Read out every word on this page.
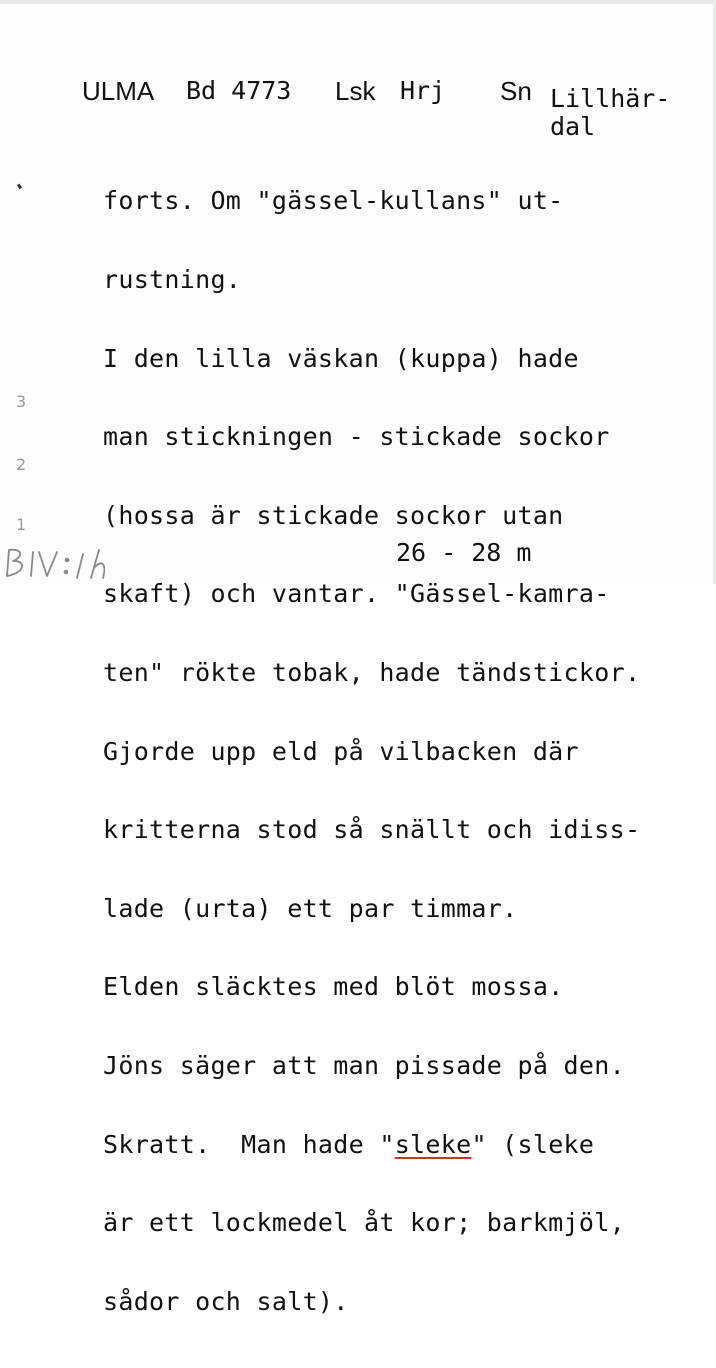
ULMA Bd 4773 Lsk Hrj Sn Lillhär-
dal

forts. Om "gässel-kullans" ut-

rustning.

I den lilla väskan (kuppa) hade

man stickningen - stickade sockor

(hossa är stickade sockor utan

skaft) och vantar. "Gässel-kamra-

ten" rökte tobak, hade tändstickor.

Gjorde upp eld på vilbacken där

kritterna stod så snällt och idiss-

lade (urta) ett par timmar.

Elden släcktes med blöt mossa.

Jöns säger att man pissade på den.

Skratt.  Man hade "sleke" (sleke

är ett lockmedel åt kor; barkmjöl,

sådor och salt).

26 - 28 m
3
2
1
